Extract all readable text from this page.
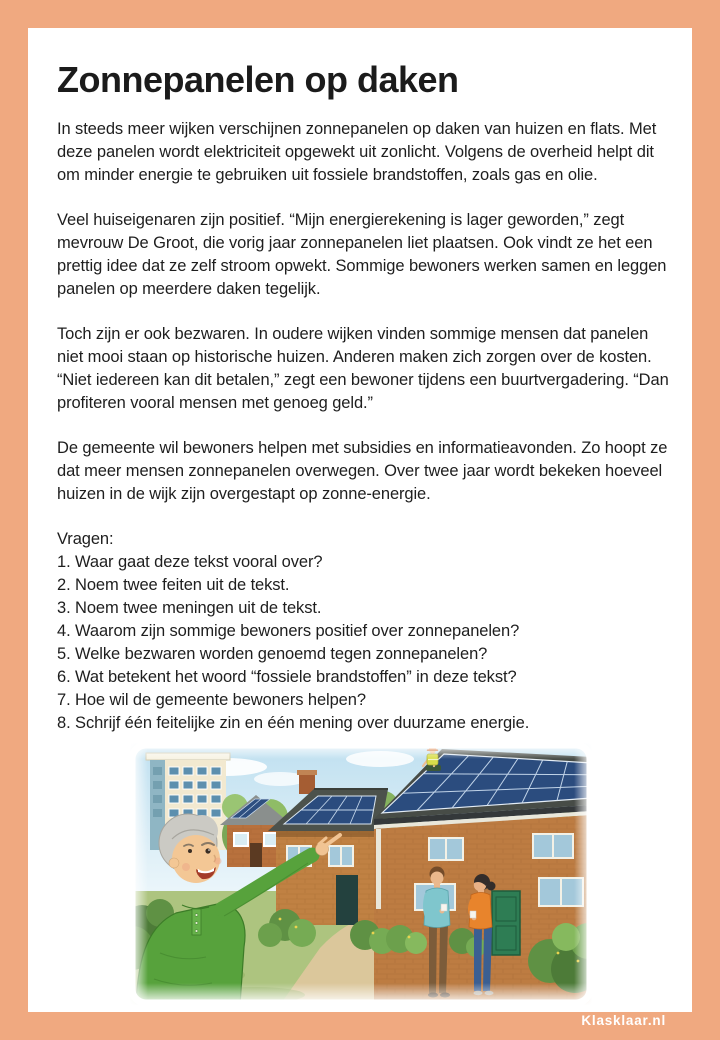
Zonnepanelen op daken

In steeds meer wijken verschijnen zonnepanelen op daken van huizen en flats. Met deze panelen wordt elektriciteit opgewekt uit zonlicht. Volgens de overheid helpt dit om minder energie te gebruiken uit fossiele brandstoffen, zoals gas en olie.

Veel huiseigenaren zijn positief. “Mijn energierekening is lager geworden,” zegt mevrouw De Groot, die vorig jaar zonnepanelen liet plaatsen. Ook vindt ze het een prettig idee dat ze zelf stroom opwekt. Sommige bewoners werken samen en leggen panelen op meerdere daken tegelijk.

Toch zijn er ook bezwaren. In oudere wijken vinden sommige mensen dat panelen niet mooi staan op historische huizen. Anderen maken zich zorgen over de kosten. “Niet iedereen kan dit betalen,” zegt een bewoner tijdens een buurtvergadering. “Dan profiteren vooral mensen met genoeg geld.”

De gemeente wil bewoners helpen met subsidies en informatieavonden. Zo hoopt ze dat meer mensen zonnepanelen overwegen. Over twee jaar wordt bekeken hoeveel huizen in de wijk zijn overgestapt op zonne-energie.

Vragen:

1. Waar gaat deze tekst vooral over?

2. Noem twee feiten uit de tekst.

3. Noem twee meningen uit de tekst.

4. Waarom zijn sommige bewoners positief over zonnepanelen?

5. Welke bezwaren worden genoemd tegen zonnepanelen?

6. Wat betekent het woord “fossiele brandstoffen” in deze tekst?

7. Hoe wil de gemeente bewoners helpen?

8. Schrijf één feitelijke zin en één mening over duurzame energie.

Klasklaar.nl
